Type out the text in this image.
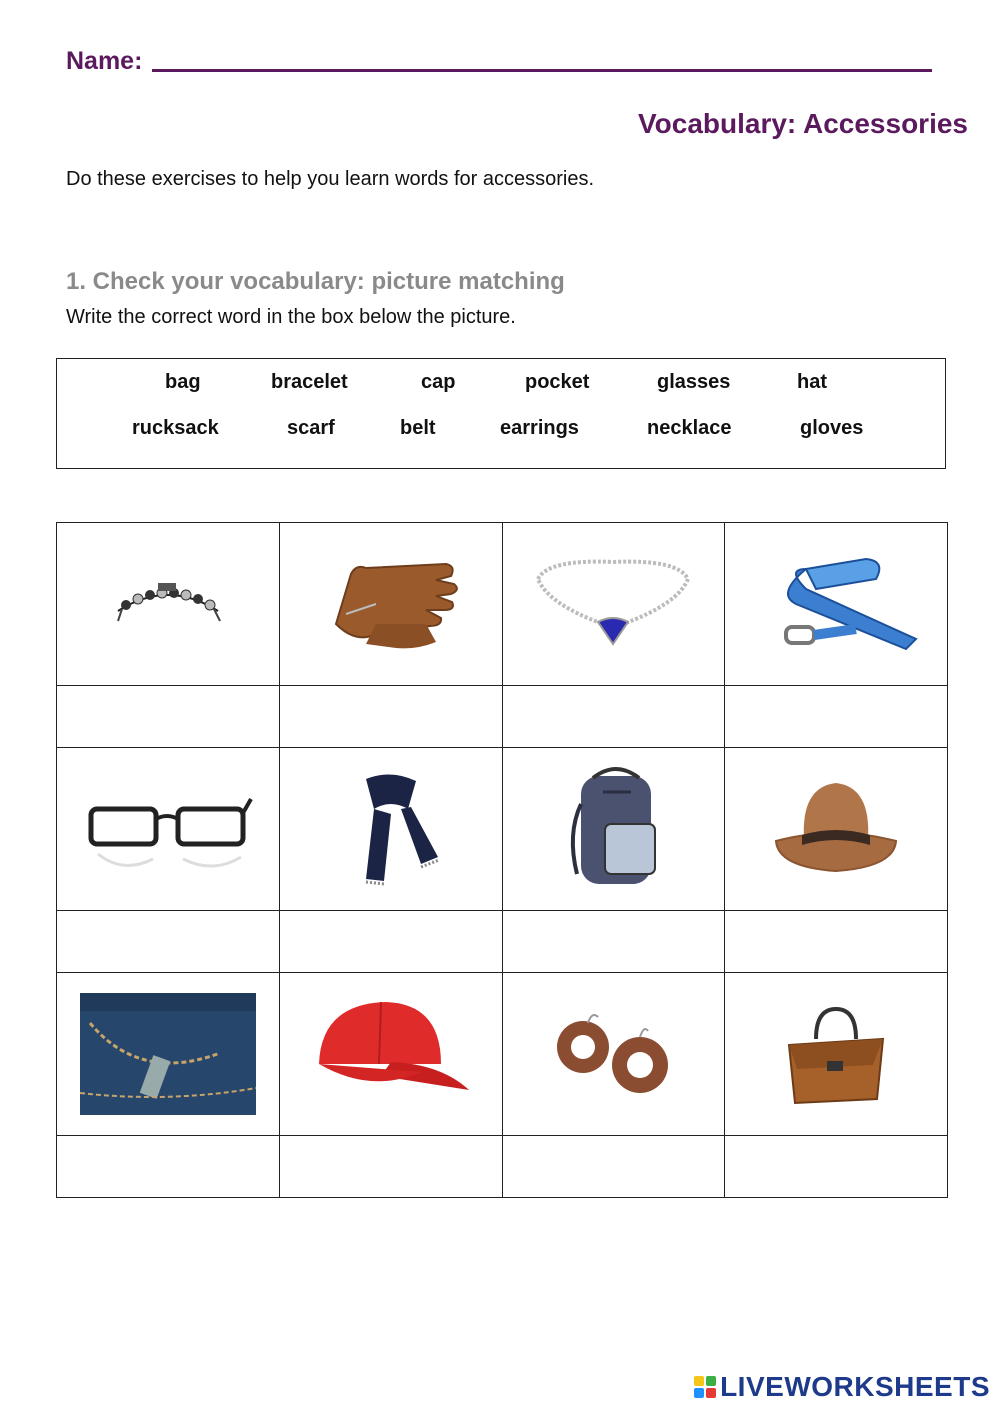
Name:
Vocabulary: Accessories
Do these exercises to help you learn words for accessories.
1. Check your vocabulary: picture matching
Write the correct word in the box below the picture.
bag	bracelet	cap	pocket	glasses	hat
rucksack	scarf	belt	earrings	necklace	gloves

LIVEWORKSHEETS
